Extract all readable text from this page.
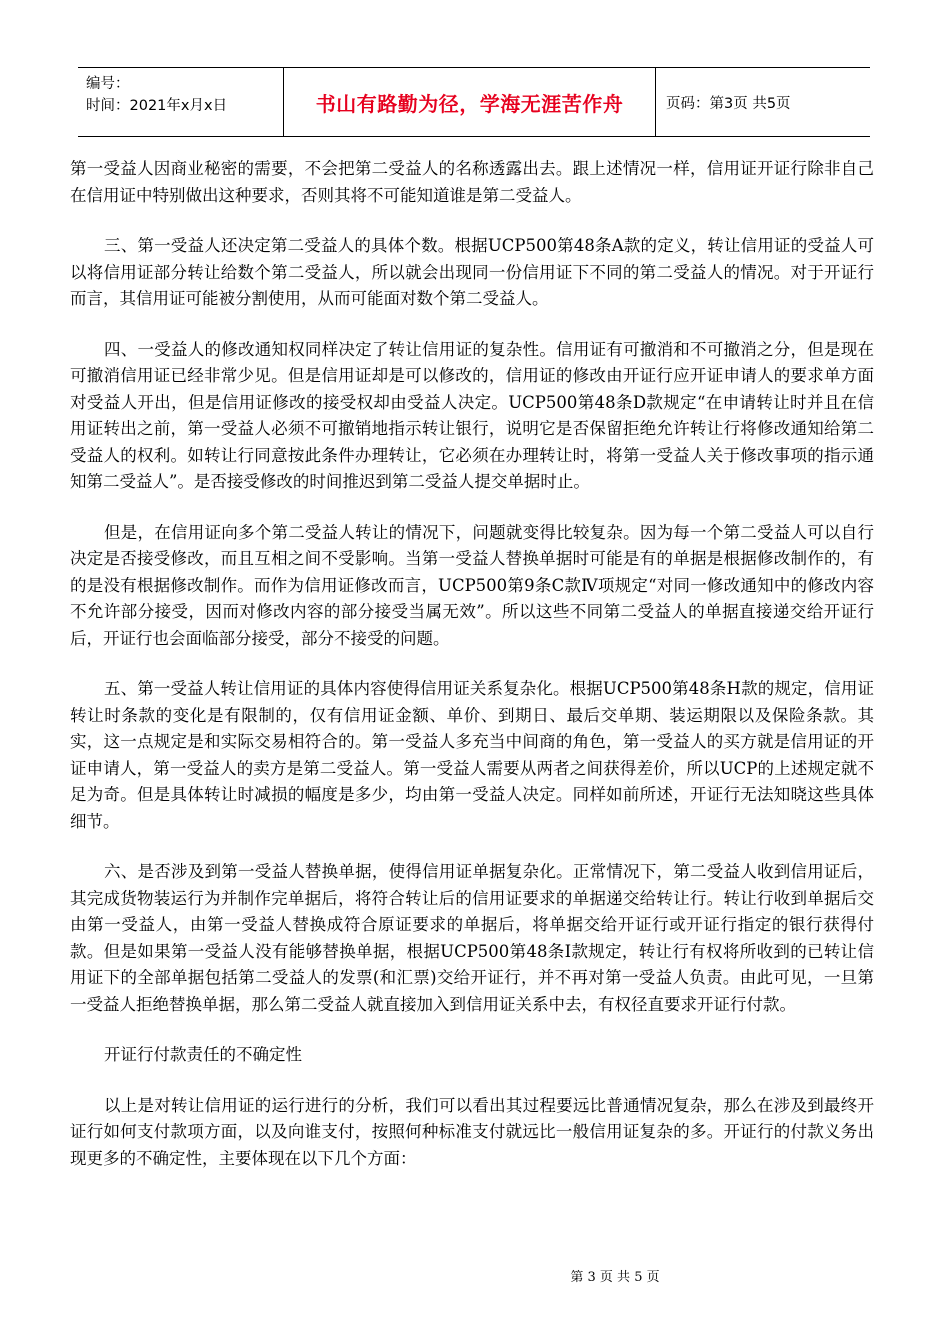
编号：
时间：2021年x月x日	书山有路勤为径，学海无涯苦作舟	页码：第3页 共5页

第一受益人因商业秘密的需要，不会把第二受益人的名称透露出去。跟上述情况一样，信用证开证行除非自己在信用证中特别做出这种要求，否则其将不可能知道谁是第二受益人。

三、第一受益人还决定第二受益人的具体个数。根据UCP500第48条A款的定义，转让信用证的受益人可以将信用证部分转让给数个第二受益人，所以就会出现同一份信用证下不同的第二受益人的情况。对于开证行而言，其信用证可能被分割使用，从而可能面对数个第二受益人。

四、一受益人的修改通知权同样决定了转让信用证的复杂性。信用证有可撤消和不可撤消之分，但是现在可撤消信用证已经非常少见。但是信用证却是可以修改的，信用证的修改由开证行应开证申请人的要求单方面对受益人开出，但是信用证修改的接受权却由受益人决定。UCP500第48条D款规定“在申请转让时并且在信用证转出之前，第一受益人必须不可撤销地指示转让银行，说明它是否保留拒绝允许转让行将修改通知给第二受益人的权利。如转让行同意按此条件办理转让，它必须在办理转让时，将第一受益人关于修改事项的指示通知第二受益人”。是否接受修改的时间推迟到第二受益人提交单据时止。

但是，在信用证向多个第二受益人转让的情况下，问题就变得比较复杂。因为每一个第二受益人可以自行决定是否接受修改，而且互相之间不受影响。当第一受益人替换单据时可能是有的单据是根据修改制作的，有的是没有根据修改制作。而作为信用证修改而言，UCP500第9条C款Ⅳ项规定“对同一修改通知中的修改内容不允许部分接受，因而对修改内容的部分接受当属无效”。所以这些不同第二受益人的单据直接递交给开证行后，开证行也会面临部分接受，部分不接受的问题。

五、第一受益人转让信用证的具体内容使得信用证关系复杂化。根据UCP500第48条H款的规定，信用证转让时条款的变化是有限制的，仅有信用证金额、单价、到期日、最后交单期、装运期限以及保险条款。其实，这一点规定是和实际交易相符合的。第一受益人多充当中间商的角色，第一受益人的买方就是信用证的开证申请人，第一受益人的卖方是第二受益人。第一受益人需要从两者之间获得差价，所以UCP的上述规定就不足为奇。但是具体转让时减损的幅度是多少，均由第一受益人决定。同样如前所述，开证行无法知晓这些具体细节。

六、是否涉及到第一受益人替换单据，使得信用证单据复杂化。正常情况下，第二受益人收到信用证后，其完成货物装运行为并制作完单据后，将符合转让后的信用证要求的单据递交给转让行。转让行收到单据后交由第一受益人，由第一受益人替换成符合原证要求的单据后，将单据交给开证行或开证行指定的银行获得付款。但是如果第一受益人没有能够替换单据，根据UCP500第48条I款规定，转让行有权将所收到的已转让信用证下的全部单据包括第二受益人的发票(和汇票)交给开证行，并不再对第一受益人负责。由此可见，一旦第一受益人拒绝替换单据，那么第二受益人就直接加入到信用证关系中去，有权径直要求开证行付款。

开证行付款责任的不确定性

以上是对转让信用证的运行进行的分析，我们可以看出其过程要远比普通情况复杂，那么在涉及到最终开证行如何支付款项方面，以及向谁支付，按照何种标准支付就远比一般信用证复杂的多。开证行的付款义务出现更多的不确定性，主要体现在以下几个方面：

第 3 页 共 5 页
